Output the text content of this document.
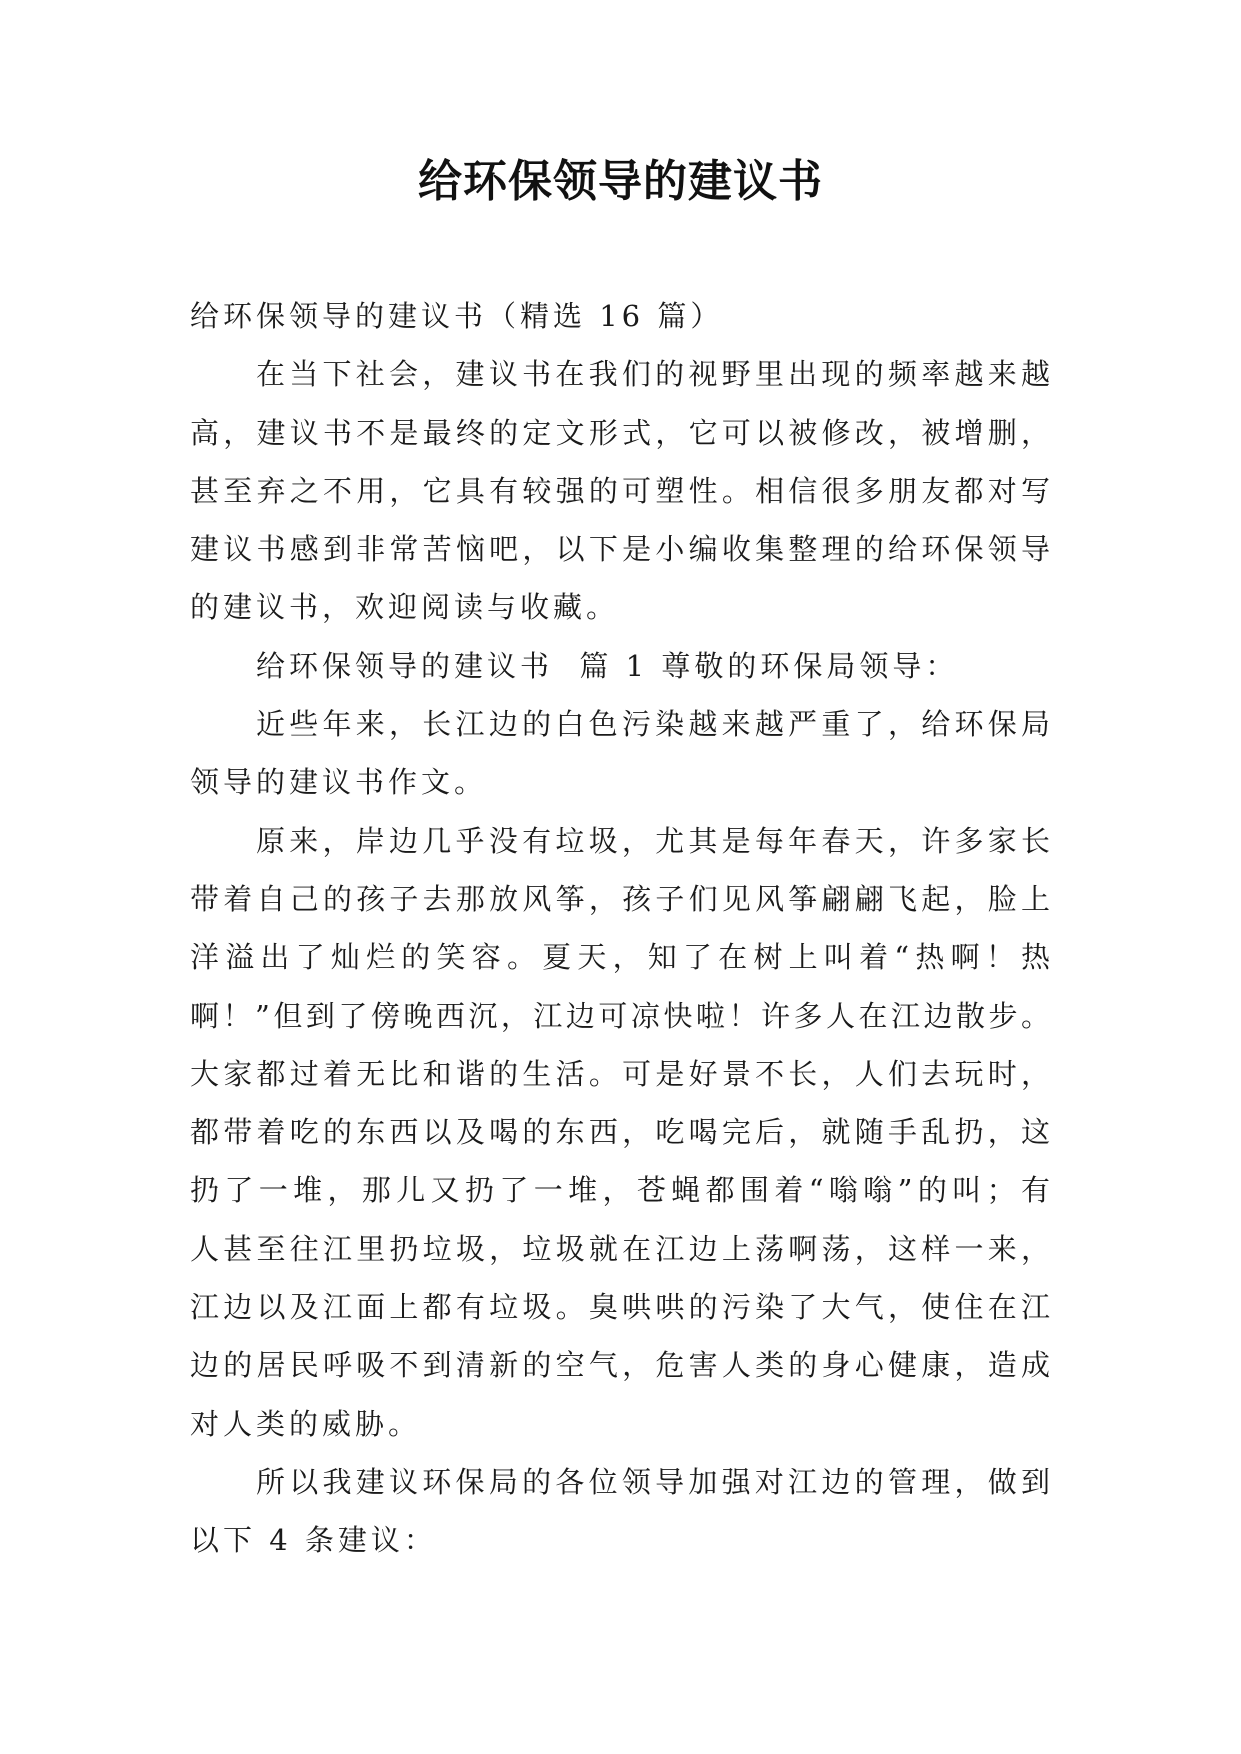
给环保领导的建议书
给环保领导的建议书（精选 16 篇）
在当下社会，建议书在我们的视野里出现的频率越来越
高，建议书不是最终的定文形式，它可以被修改，被增删，
甚至弃之不用，它具有较强的可塑性。相信很多朋友都对写
建议书感到非常苦恼吧，以下是小编收集整理的给环保领导
的建议书，欢迎阅读与收藏。
给环保领导的建议书  篇 1 尊敬的环保局领导：
近些年来，长江边的白色污染越来越严重了，给环保局
领导的建议书作文。
原来，岸边几乎没有垃圾，尤其是每年春天，许多家长
带着自己的孩子去那放风筝，孩子们见风筝翩翩飞起，脸上
洋溢出了灿烂的笑容。夏天，知了在树上叫着“热啊！热
啊！”但到了傍晚西沉，江边可凉快啦！许多人在江边散步。
大家都过着无比和谐的生活。可是好景不长，人们去玩时，
都带着吃的东西以及喝的东西，吃喝完后，就随手乱扔，这
扔了一堆，那儿又扔了一堆，苍蝇都围着“嗡嗡”的叫；有
人甚至往江里扔垃圾，垃圾就在江边上荡啊荡，这样一来，
江边以及江面上都有垃圾。臭哄哄的污染了大气，使住在江
边的居民呼吸不到清新的空气，危害人类的身心健康，造成
对人类的威胁。
所以我建议环保局的各位领导加强对江边的管理，做到
以下 4 条建议：
